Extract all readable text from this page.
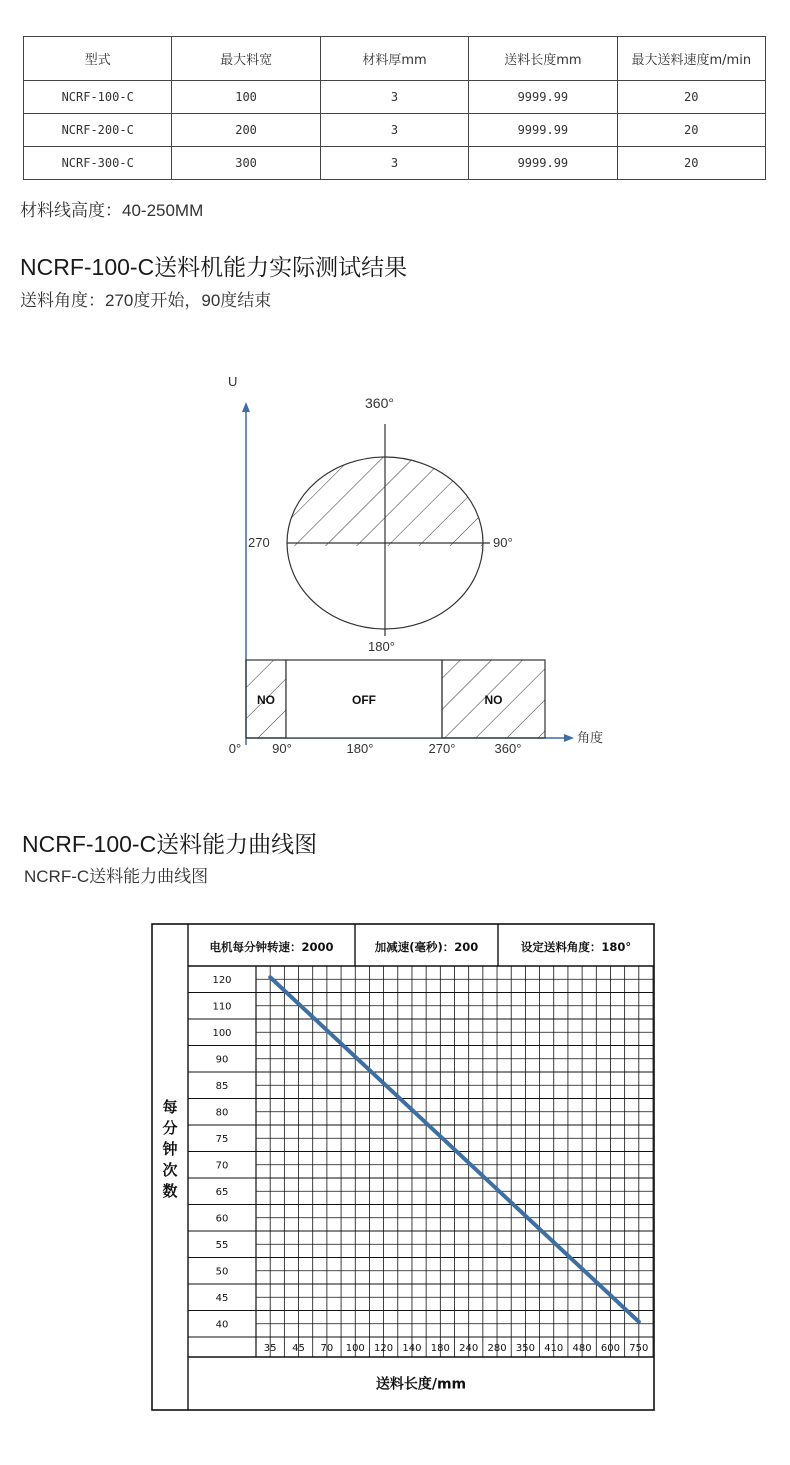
型式	最大料宽	材料厚mm	送料长度mm	最大送料速度m/min
NCRF-100-C	100	3	9999.99	20
NCRF-200-C	200	3	9999.99	20
NCRF-300-C	300	3	9999.99	20
材料线高度：40-250MM
NCRF-100-C送料机能力实际测试结果
送料角度：270度开始，90度结束
U
角度
360°
90°
180°
270
NO	OFF	NO
0° 90°	180°	270°	360°
NCRF-100-C送料能力曲线图
NCRF-C送料能力曲线图
电机每分钟转速：2000	加减速(毫秒)：200	设定送料角度：180°
120
110
100
90
85
80
75
70
65
60
55
50
45
40
35 45 70 100 120 140 180 240 280 350 410 480 600 750
每
分
钟
次
数
送料长度/mm
